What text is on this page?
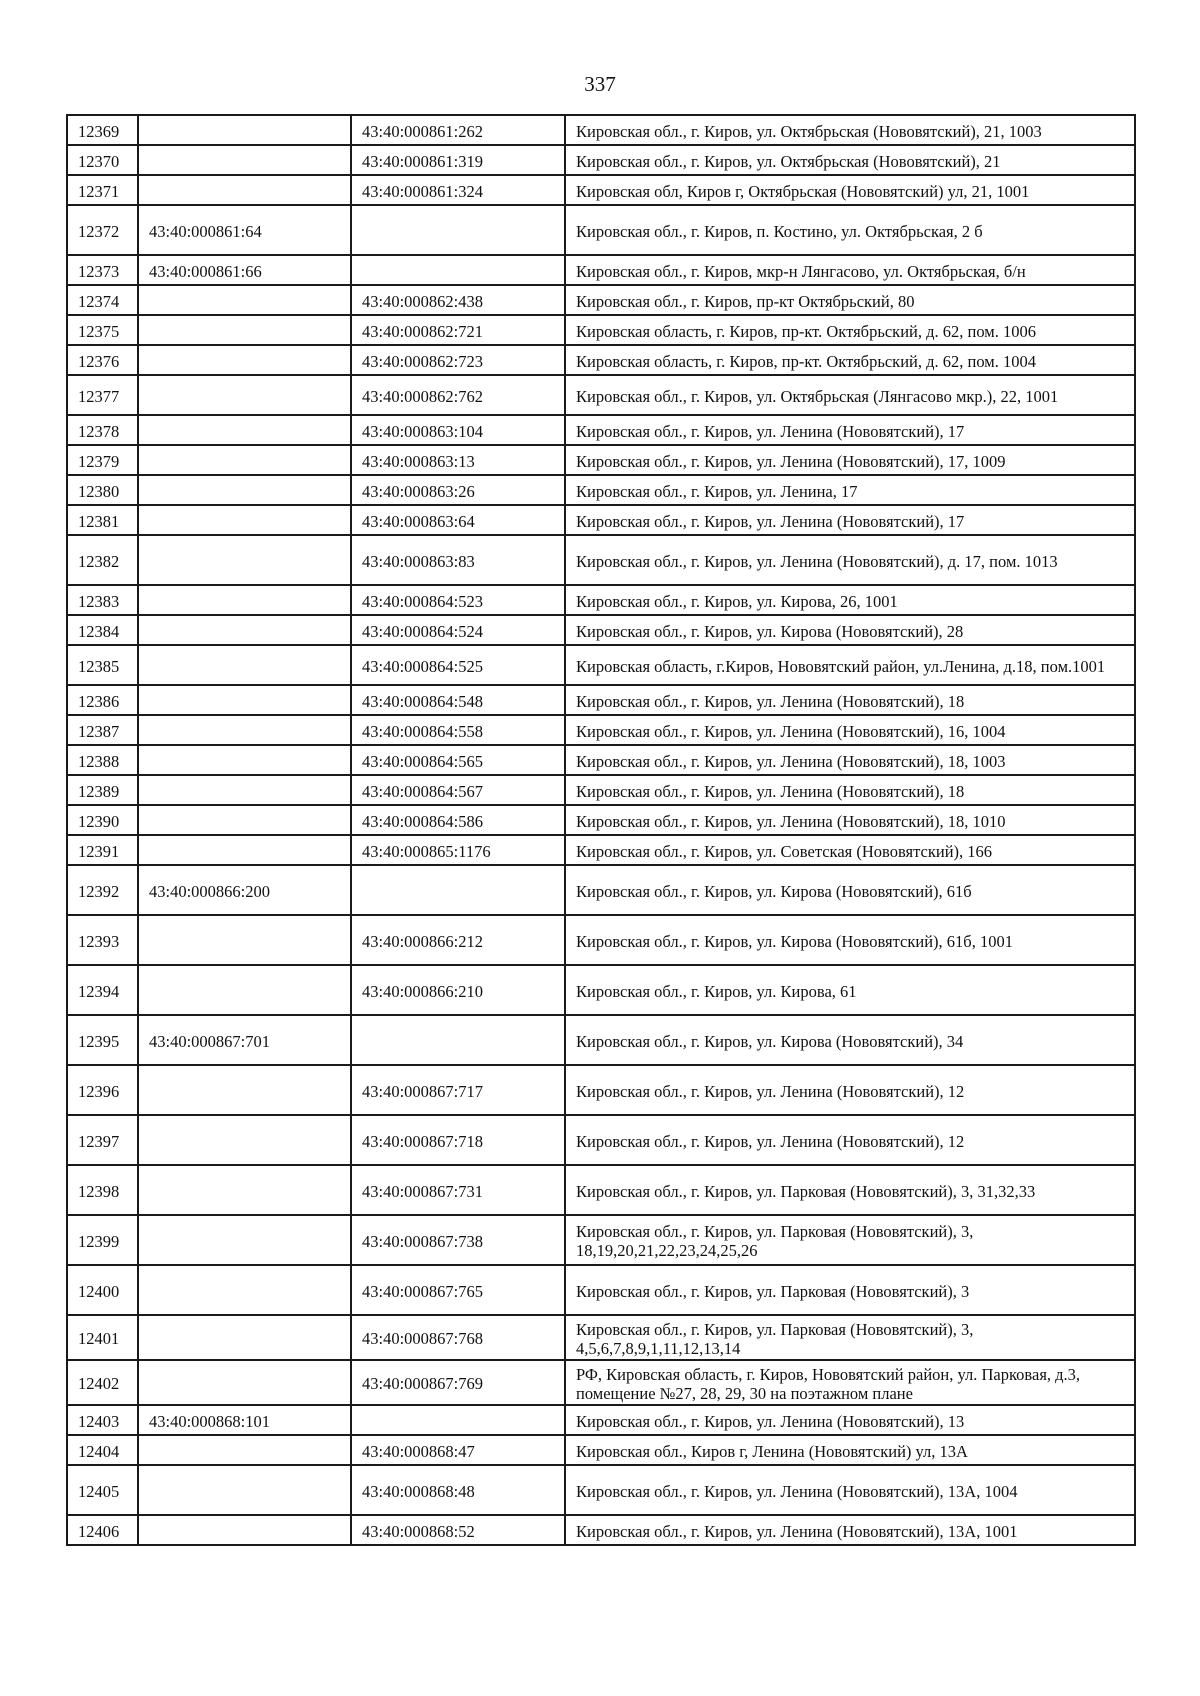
337
12369		43:40:000861:262	Кировская обл., г. Киров, ул. Октябрьская (Нововятский), 21, 1003
12370		43:40:000861:319	Кировская обл., г. Киров, ул. Октябрьская (Нововятский), 21
12371		43:40:000861:324	Кировская обл, Киров г, Октябрьская (Нововятский) ул, 21, 1001
12372	43:40:000861:64		Кировская обл., г. Киров, п. Костино, ул. Октябрьская, 2 б
12373	43:40:000861:66		Кировская обл., г. Киров, мкр-н Лянгасово, ул. Октябрьская, б/н
12374		43:40:000862:438	Кировская обл., г. Киров, пр-кт Октябрьский, 80
12375		43:40:000862:721	Кировская область, г. Киров, пр-кт. Октябрьский, д. 62, пом. 1006
12376		43:40:000862:723	Кировская область, г. Киров, пр-кт. Октябрьский, д. 62, пом. 1004
12377		43:40:000862:762	Кировская обл., г. Киров, ул. Октябрьская (Лянгасово мкр.), 22, 1001
12378		43:40:000863:104	Кировская обл., г. Киров, ул. Ленина (Нововятский), 17
12379		43:40:000863:13	Кировская обл., г. Киров, ул. Ленина (Нововятский), 17, 1009
12380		43:40:000863:26	Кировская обл., г. Киров, ул. Ленина, 17
12381		43:40:000863:64	Кировская обл., г. Киров, ул. Ленина (Нововятский), 17
12382		43:40:000863:83	Кировская обл., г. Киров, ул. Ленина (Нововятский), д. 17, пом. 1013
12383		43:40:000864:523	Кировская обл., г. Киров, ул. Кирова, 26, 1001
12384		43:40:000864:524	Кировская обл., г. Киров, ул. Кирова (Нововятский), 28
12385		43:40:000864:525	Кировская область, г.Киров, Нововятский район, ул.Ленина, д.18, пом.1001
12386		43:40:000864:548	Кировская обл., г. Киров, ул. Ленина (Нововятский), 18
12387		43:40:000864:558	Кировская обл., г. Киров, ул. Ленина (Нововятский), 16, 1004
12388		43:40:000864:565	Кировская обл., г. Киров, ул. Ленина (Нововятский), 18, 1003
12389		43:40:000864:567	Кировская обл., г. Киров, ул. Ленина (Нововятский), 18
12390		43:40:000864:586	Кировская обл., г. Киров, ул. Ленина (Нововятский), 18, 1010
12391		43:40:000865:1176	Кировская обл., г. Киров, ул. Советская (Нововятский), 166
12392	43:40:000866:200		Кировская обл., г. Киров, ул. Кирова (Нововятский), 61б
12393		43:40:000866:212	Кировская обл., г. Киров, ул. Кирова (Нововятский), 61б, 1001
12394		43:40:000866:210	Кировская обл., г. Киров, ул. Кирова, 61
12395	43:40:000867:701		Кировская обл., г. Киров, ул. Кирова (Нововятский), 34
12396		43:40:000867:717	Кировская обл., г. Киров, ул. Ленина (Нововятский), 12
12397		43:40:000867:718	Кировская обл., г. Киров, ул. Ленина (Нововятский), 12
12398		43:40:000867:731	Кировская обл., г. Киров, ул. Парковая (Нововятский), 3, 31,32,33
12399		43:40:000867:738	Кировская обл., г. Киров, ул. Парковая (Нововятский), 3, 18,19,20,21,22,23,24,25,26
12400		43:40:000867:765	Кировская обл., г. Киров, ул. Парковая (Нововятский), 3
12401		43:40:000867:768	Кировская обл., г. Киров, ул. Парковая (Нововятский), 3, 4,5,6,7,8,9,1,11,12,13,14
12402		43:40:000867:769	РФ, Кировская область, г. Киров, Нововятский район, ул. Парковая, д.3, помещение №27, 28, 29, 30 на поэтажном плане
12403	43:40:000868:101		Кировская обл., г. Киров, ул. Ленина (Нововятский), 13
12404		43:40:000868:47	Кировская обл., Киров г, Ленина (Нововятский) ул, 13А
12405		43:40:000868:48	Кировская обл., г. Киров, ул. Ленина (Нововятский), 13А, 1004
12406		43:40:000868:52	Кировская обл., г. Киров, ул. Ленина (Нововятский), 13А, 1001
